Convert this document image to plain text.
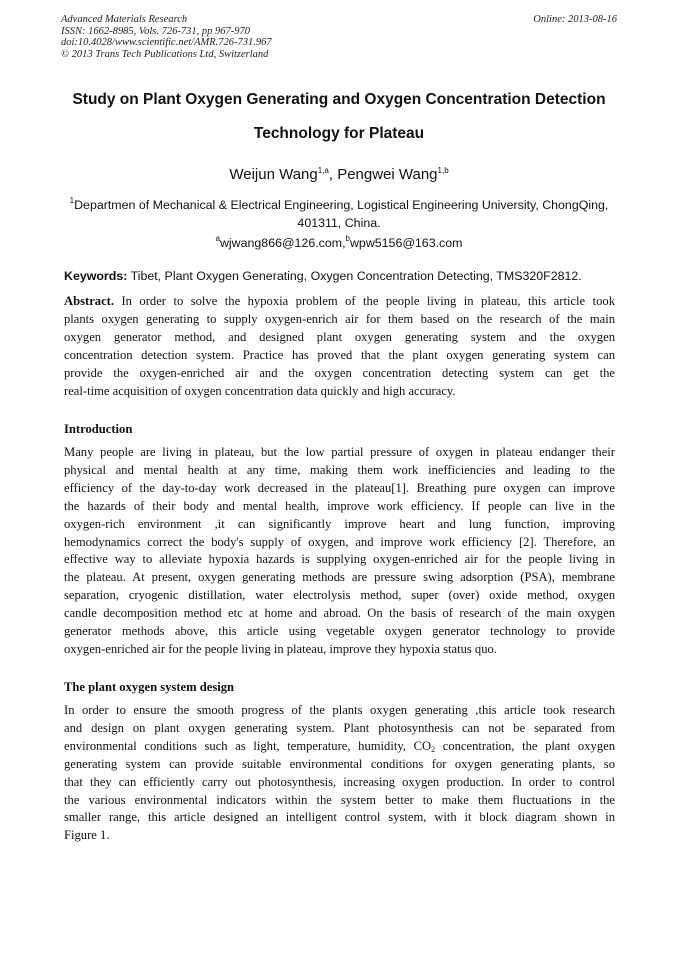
Advanced Materials Research
ISSN: 1662-8985, Vols. 726-731, pp 967-970
doi:10.4028/www.scientific.net/AMR.726-731.967
© 2013 Trans Tech Publications Ltd, Switzerland
Online: 2013-08-16
Study on Plant Oxygen Generating and Oxygen Concentration Detection
Technology for Plateau
Weijun Wang$^{1,a}$, Pengwei Wang$^{1,b}$
$^1$Departmen of Mechanical & Electrical Engineering, Logistical Engineering University, ChongQing,
401311, China.
$^a$wjwang866@126.com,$^b$wpw5156@163.com
Keywords: Tibet, Plant Oxygen Generating, Oxygen Concentration Detecting, TMS320F2812.
Abstract. In order to solve the hypoxia problem of the people living in plateau, this article took
plants oxygen generating to supply oxygen-enrich air for them based on the research of the main
oxygen generator method, and designed plant oxygen generating system and the oxygen
concentration detection system. Practice has proved that the plant oxygen generating system can
provide the oxygen-enriched air and the oxygen concentration detecting system can get the
real-time acquisition of oxygen concentration data quickly and high accuracy.
Introduction
Many people are living in plateau, but the low partial pressure of oxygen in plateau endanger their
physical and mental health at any time, making them work inefficiencies and leading to the
efficiency of the day-to-day work decreased in the plateau[1]. Breathing pure oxygen can improve
the hazards of their body and mental health, improve work efficiency. If people can live in the
oxygen-rich environment ,it can significantly improve heart and lung function, improving
hemodynamics correct the body's supply of oxygen, and improve work efficiency [2]. Therefore, an
effective way to alleviate hypoxia hazards is supplying oxygen-enriched air for the people living in
the plateau. At present, oxygen generating methods are pressure swing adsorption (PSA), membrane
separation, cryogenic distillation, water electrolysis method, super (over) oxide method, oxygen
candle decomposition method etc at home and abroad. On the basis of research of the main oxygen
generator methods above, this article using vegetable oxygen generator technology to provide
oxygen-enriched air for the people living in plateau, improve they hypoxia status quo.
The plant oxygen system design
In order to ensure the smooth progress of the plants oxygen generating ,this article took research
and design on plant oxygen generating system. Plant photosynthesis can not be separated from
environmental conditions such as light, temperature, humidity, $CO_2$ concentration, the plant oxygen
generating system can provide suitable environmental conditions for oxygen generating plants, so
that they can efficiently carry out photosynthesis, increasing oxygen production. In order to control
the various environmental indicators within the system better to make them fluctuations in the
smaller range, this article designed an intelligent control system, with it block diagram shown in
Figure 1.
